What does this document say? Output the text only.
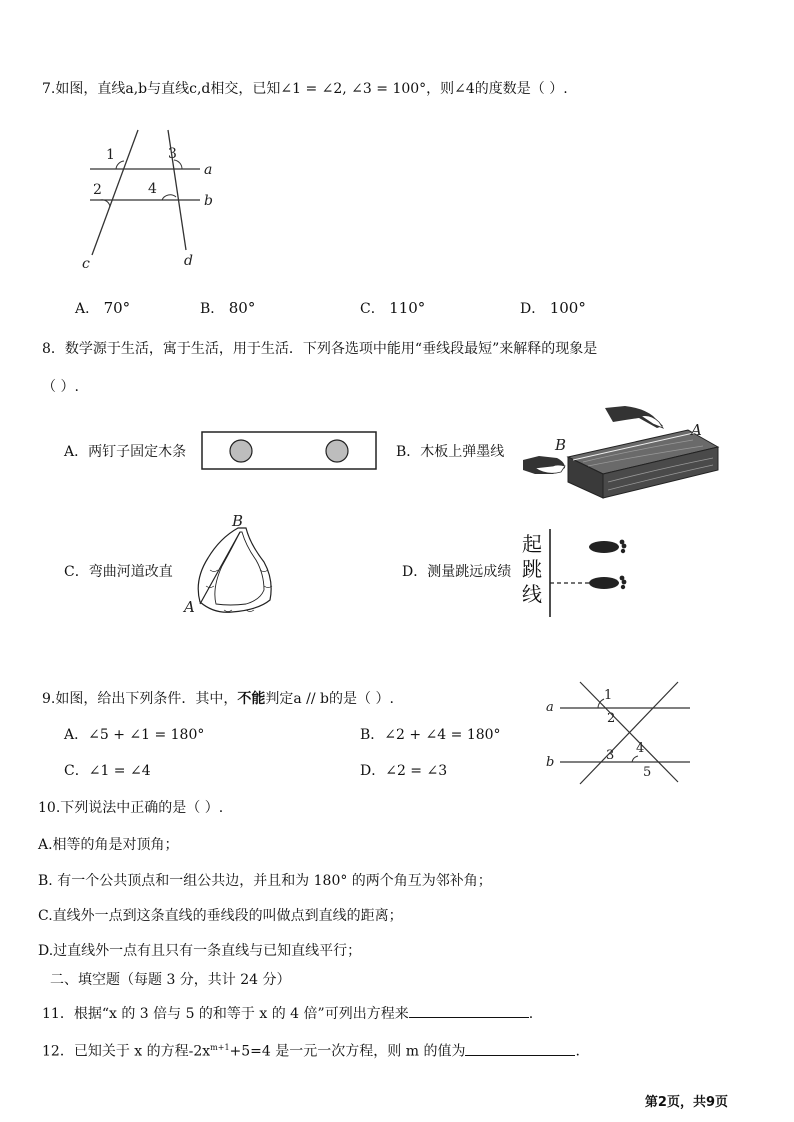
7.如图，直线a,b与直线c,d相交，已知∠1 = ∠2, ∠3 = 100°，则∠4的度数是（ ）.
1
2
3
4
a
b
c	d
A． 70°	B． 80°	C． 110°	D． 100°
8．数学源于生活，寓于生活，用于生活．下列各选项中能用“垂线段最短”来解释的现象是
（ ）.
A．两钉子固定木条	B．木板上弹墨线	B
A
C．弯曲河道改直
B
A
D．测量跳远成绩
起
跳
线
9.如图，给出下列条件．其中，不能判定a // b的是（ ）.	1
2
3 4
5
a
b
A．∠5 + ∠1 = 180°	B．∠2 + ∠4 = 180°
C．∠1 = ∠4	D．∠2 = ∠3
10.下列说法中正确的是（ ）.
A.相等的角是对顶角；
B. 有一个公共顶点和一组公共边，并且和为 180° 的两个角互为邻补角；
C.直线外一点到这条直线的垂线段的叫做点到直线的距离；
D.过直线外一点有且只有一条直线与已知直线平行；
二、填空题（每题 3 分，共计 24 分）
11．根据“x 的 3 倍与 5 的和等于 x 的 4 倍”可列出方程来	.
12．已知关于 x 的方程$-2x^{m+1}+5=4$ 是一元一次方程，则 m 的值为	.
第2页，共9页
